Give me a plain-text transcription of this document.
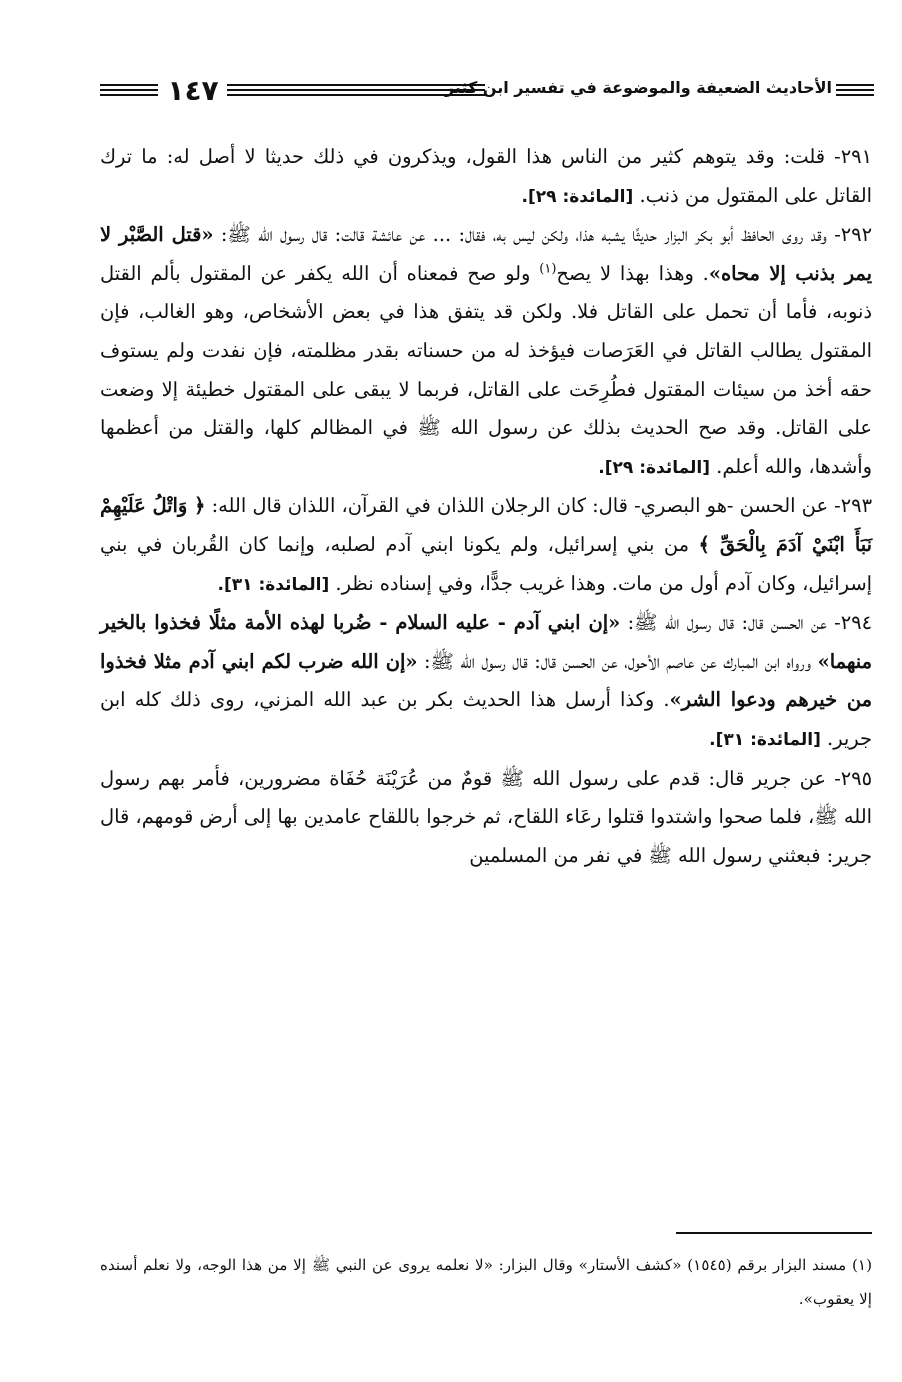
١٤٧	الأحاديث الضعيفة والموضوعة في تفسير ابن كثير

٢٩١- قلت: وقد يتوهم كثير من الناس هذا القول، ويذكرون في ذلك حديثا لا أصل له: ما ترك القاتل على المقتول من ذنب. [المائدة: ٢٩].

٢٩٢- وقد روى الحافظ أبو بكر البزار حديثًا يشبه هذا، ولكن ليس به، فقال: ... عن عائشة قالت: قال رسول الله ﷺ: «قتل الصَّبْر لا يمر بذنب إلا محاه». وهذا بهذا لا يصح$^{(١)}$ ولو صح فمعناه أن الله يكفر عن المقتول بألم القتل ذنوبه، فأما أن تحمل على القاتل فلا. ولكن قد يتفق هذا في بعض الأشخاص، وهو الغالب، فإن المقتول يطالب القاتل في العَرَصات فيؤخذ له من حسناته بقدر مظلمته، فإن نفدت ولم يستوف حقه أخذ من سيئات المقتول فطُرِحَت على القاتل، فربما لا يبقى على المقتول خطيئة إلا وضعت على القاتل. وقد صح الحديث بذلك عن رسول الله ﷺ في المظالم كلها، والقتل من أعظمها وأشدها، والله أعلم. [المائدة: ٢٩].

٢٩٣- عن الحسن -هو البصري- قال: كان الرجلان اللذان في القرآن، اللذان قال الله: ﴿ وَاتْلُ عَلَيْهِمْ نَبَأَ ابْنَيْ آدَمَ بِالْحَقِّ ﴾ من بني إسرائيل، ولم يكونا ابني آدم لصلبه، وإنما كان القُربان في بني إسرائيل، وكان آدم أول من مات. وهذا غريب جدًّا، وفي إسناده نظر. [المائدة: ٣١].

٢٩٤- عن الحسن قال: قال رسول الله ﷺ: «إن ابني آدم - عليه السلام - ضُربا لهذه الأمة مثلًا فخذوا بالخير منهما» ورواه ابن المبارك عن عاصم الأحول، عن الحسن قال: قال رسول الله ﷺ: «إن الله ضرب لكم ابني آدم مثلا فخذوا من خيرهم ودعوا الشر». وكذا أرسل هذا الحديث بكر بن عبد الله المزني، روى ذلك كله ابن جرير. [المائدة: ٣١].

٢٩٥- عن جرير قال: قدم على رسول الله ﷺ قومٌ من عُرَيْنَة حُفَاة مضرورين، فأمر بهم رسول الله ﷺ، فلما صحوا واشتدوا قتلوا رعَاء اللقاح، ثم خرجوا باللقاح عامدين بها إلى أرض قومهم، قال جرير: فبعثني رسول الله ﷺ في نفر من المسلمين

(١) مسند البزار برقم (١٥٤٥) «كشف الأستار» وقال البزار: «لا نعلمه يروى عن النبي ﷺ إلا من هذا الوجه، ولا نعلم أسنده إلا يعقوب».
